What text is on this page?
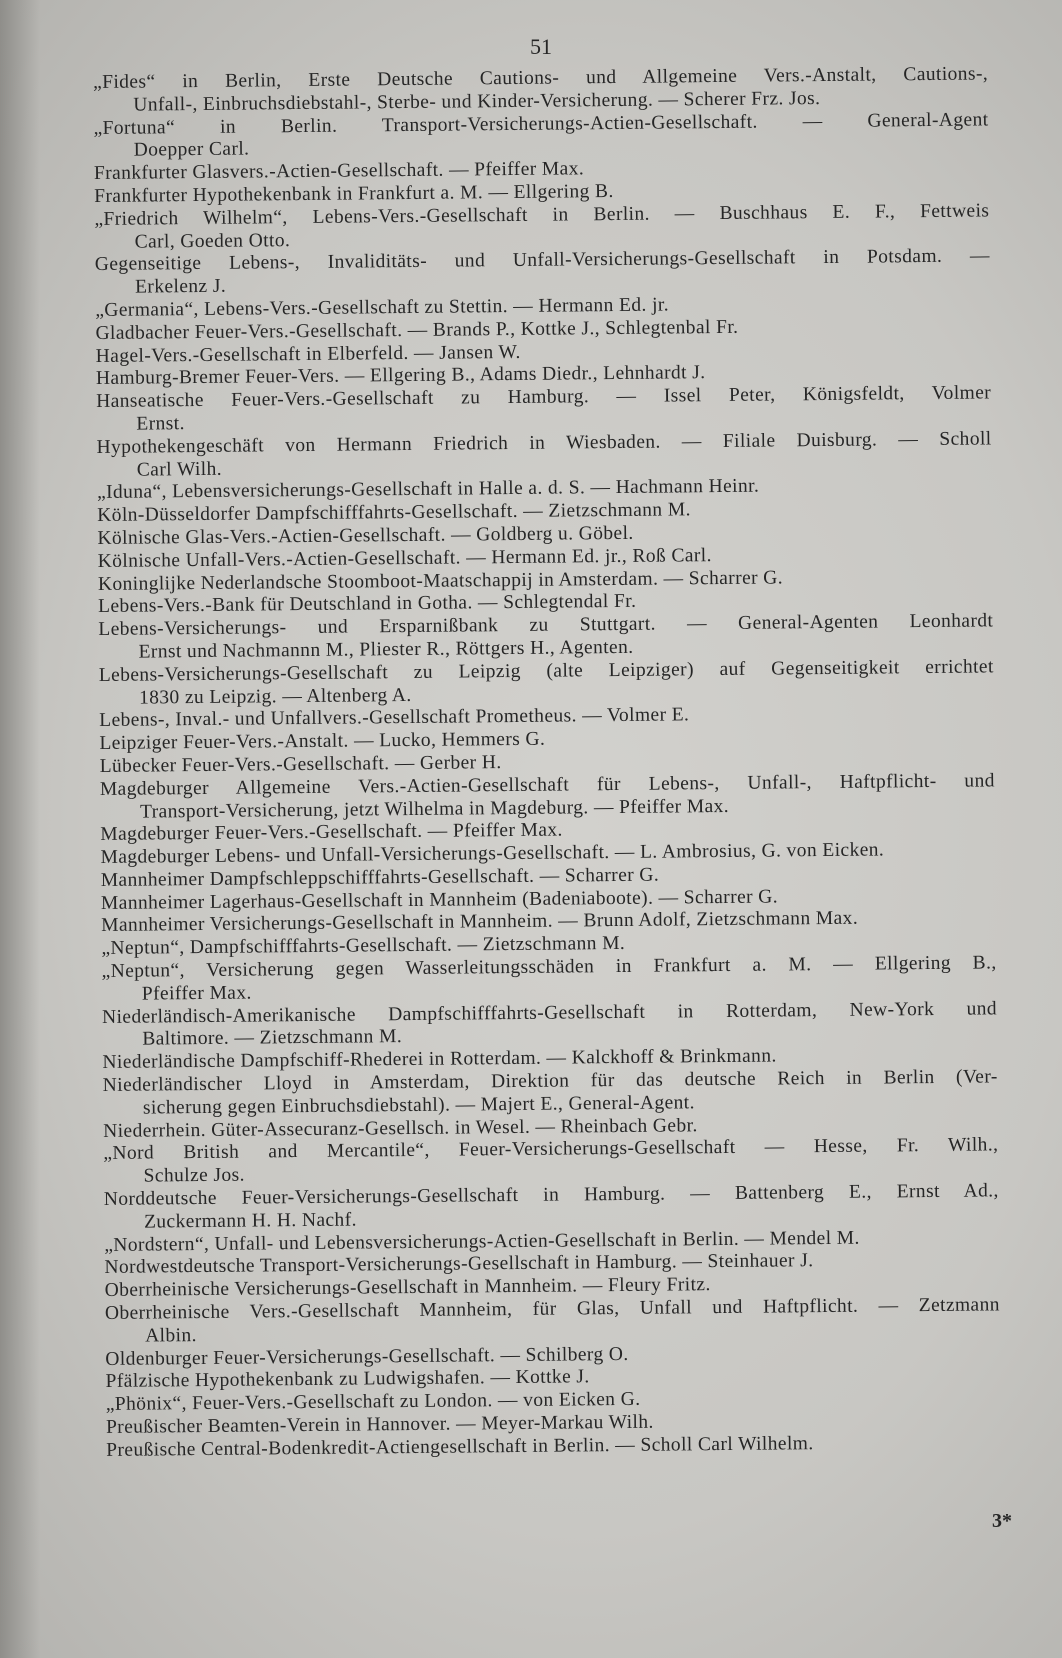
51
„Fides“ in Berlin, Erste Deutsche Cautions- und Allgemeine Vers.-Anstalt, Cautions-,
Unfall-, Einbruchsdiebstahl-, Sterbe- und Kinder-Versicherung. — Scherer Frz. Jos.
„Fortuna“ in Berlin. Transport-Versicherungs-Actien-Gesellschaft. — General-Agent
Doepper Carl.
Frankfurter Glasvers.-Actien-Gesellschaft. — Pfeiffer Max.
Frankfurter Hypothekenbank in Frankfurt a. M. — Ellgering B.
„Friedrich Wilhelm“, Lebens-Vers.-Gesellschaft in Berlin. — Buschhaus E. F., Fettweis
Carl, Goeden Otto.
Gegenseitige Lebens-, Invaliditäts- und Unfall-Versicherungs-Gesellschaft in Potsdam. —
Erkelenz J.
„Germania“, Lebens-Vers.-Gesellschaft zu Stettin. — Hermann Ed. jr.
Gladbacher Feuer-Vers.-Gesellschaft. — Brands P., Kottke J., Schlegtenbal Fr.
Hagel-Vers.-Gesellschaft in Elberfeld. — Jansen W.
Hamburg-Bremer Feuer-Vers. — Ellgering B., Adams Diedr., Lehnhardt J.
Hanseatische Feuer-Vers.-Gesellschaft zu Hamburg. — Issel Peter, Königsfeldt, Volmer
Ernst.
Hypothekengeschäft von Hermann Friedrich in Wiesbaden. — Filiale Duisburg. — Scholl
Carl Wilh.
„Iduna“, Lebensversicherungs-Gesellschaft in Halle a. d. S. — Hachmann Heinr.
Köln-Düsseldorfer Dampfschifffahrts-Gesellschaft. — Zietzschmann M.
Kölnische Glas-Vers.-Actien-Gesellschaft. — Goldberg u. Göbel.
Kölnische Unfall-Vers.-Actien-Gesellschaft. — Hermann Ed. jr., Roß Carl.
Koninglijke Nederlandsche Stoomboot-Maatschappij in Amsterdam. — Scharrer G.
Lebens-Vers.-Bank für Deutschland in Gotha. — Schlegtendal Fr.
Lebens-Versicherungs- und Ersparnißbank zu Stuttgart. — General-Agenten Leonhardt
Ernst und Nachmannn M., Pliester R., Röttgers H., Agenten.
Lebens-Versicherungs-Gesellschaft zu Leipzig (alte Leipziger) auf Gegenseitigkeit errichtet
1830 zu Leipzig. — Altenberg A.
Lebens-, Inval.- und Unfallvers.-Gesellschaft Prometheus. — Volmer E.
Leipziger Feuer-Vers.-Anstalt. — Lucko, Hemmers G.
Lübecker Feuer-Vers.-Gesellschaft. — Gerber H.
Magdeburger Allgemeine Vers.-Actien-Gesellschaft für Lebens-, Unfall-, Haftpflicht- und
Transport-Versicherung, jetzt Wilhelma in Magdeburg. — Pfeiffer Max.
Magdeburger Feuer-Vers.-Gesellschaft. — Pfeiffer Max.
Magdeburger Lebens- und Unfall-Versicherungs-Gesellschaft. — L. Ambrosius, G. von Eicken.
Mannheimer Dampfschleppschifffahrts-Gesellschaft. — Scharrer G.
Mannheimer Lagerhaus-Gesellschaft in Mannheim (Badeniaboote). — Scharrer G.
Mannheimer Versicherungs-Gesellschaft in Mannheim. — Brunn Adolf, Zietzschmann Max.
„Neptun“, Dampfschifffahrts-Gesellschaft. — Zietzschmann M.
„Neptun“, Versicherung gegen Wasserleitungsschäden in Frankfurt a. M. — Ellgering B.,
Pfeiffer Max.
Niederländisch-Amerikanische Dampfschifffahrts-Gesellschaft in Rotterdam, New-York und
Baltimore. — Zietzschmann M.
Niederländische Dampfschiff-Rhederei in Rotterdam. — Kalckhoff & Brinkmann.
Niederländischer Lloyd in Amsterdam, Direktion für das deutsche Reich in Berlin (Ver-
sicherung gegen Einbruchsdiebstahl). — Majert E., General-Agent.
Niederrhein. Güter-Assecuranz-Gesellsch. in Wesel. — Rheinbach Gebr.
„Nord British and Mercantile“, Feuer-Versicherungs-Gesellschaft — Hesse, Fr. Wilh.,
Schulze Jos.
Norddeutsche Feuer-Versicherungs-Gesellschaft in Hamburg. — Battenberg E., Ernst Ad.,
Zuckermann H. H. Nachf.
„Nordstern“, Unfall- und Lebensversicherungs-Actien-Gesellschaft in Berlin. — Mendel M.
Nordwestdeutsche Transport-Versicherungs-Gesellschaft in Hamburg. — Steinhauer J.
Oberrheinische Versicherungs-Gesellschaft in Mannheim. — Fleury Fritz.
Oberrheinische Vers.-Gesellschaft Mannheim, für Glas, Unfall und Haftpflicht. — Zetzmann
Albin.
Oldenburger Feuer-Versicherungs-Gesellschaft. — Schilberg O.
Pfälzische Hypothekenbank zu Ludwigshafen. — Kottke J.
„Phönix“, Feuer-Vers.-Gesellschaft zu London. — von Eicken G.
Preußischer Beamten-Verein in Hannover. — Meyer-Markau Wilh.
Preußische Central-Bodenkredit-Actiengesellschaft in Berlin. — Scholl Carl Wilhelm.
3*
